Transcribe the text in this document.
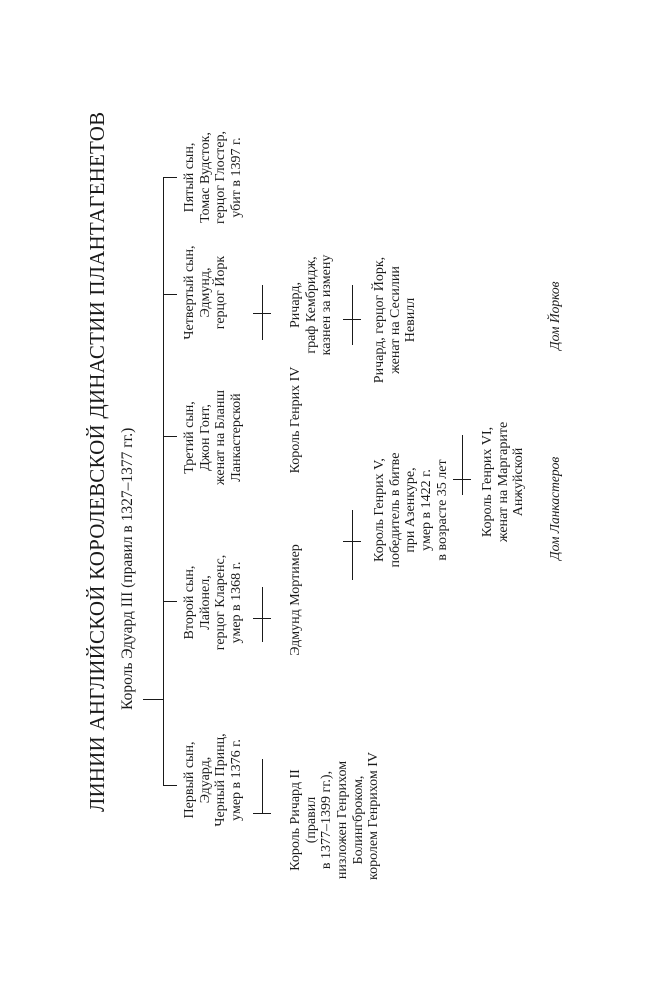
ЛИНИИ АНГЛИЙСКОЙ КОРОЛЕВСКОЙ ДИНАСТИИ ПЛАНТАГЕНЕТОВ Король Эдуард III (правил в 1327–1377 гг.)
Первый сын, Эдуард, Черный Принц, умер в 1376 г.
Второй сын, Лайонел, герцог Кларенс, умер в 1368 г.
Третий сын, Джон Гонт, женат на Бланш Ланкастерской
Четвертый сын, Эдмунд, герцог Йорк
Пятый сын, Томас Вудсток, герцог Глостер, убит в 1397 г.
Король Ричард II (правил в 1377–1399 гг.), низложен Генрихом Болингброком, королем Генрихом IV
Эдмунд Мортимер
Король Генрих IV
Ричард, граф Кембридж, казнен за измену
Король Генрих V, победитель в битве при Азенкуре, умер в 1422 г. в возрасте 35 лет
Ричард, герцог Йорк, женат на Сесилии Невилл
Король Генрих VI, женат на Маргарите Анжуйской Дом Ланкастеров
Дом Йорков
